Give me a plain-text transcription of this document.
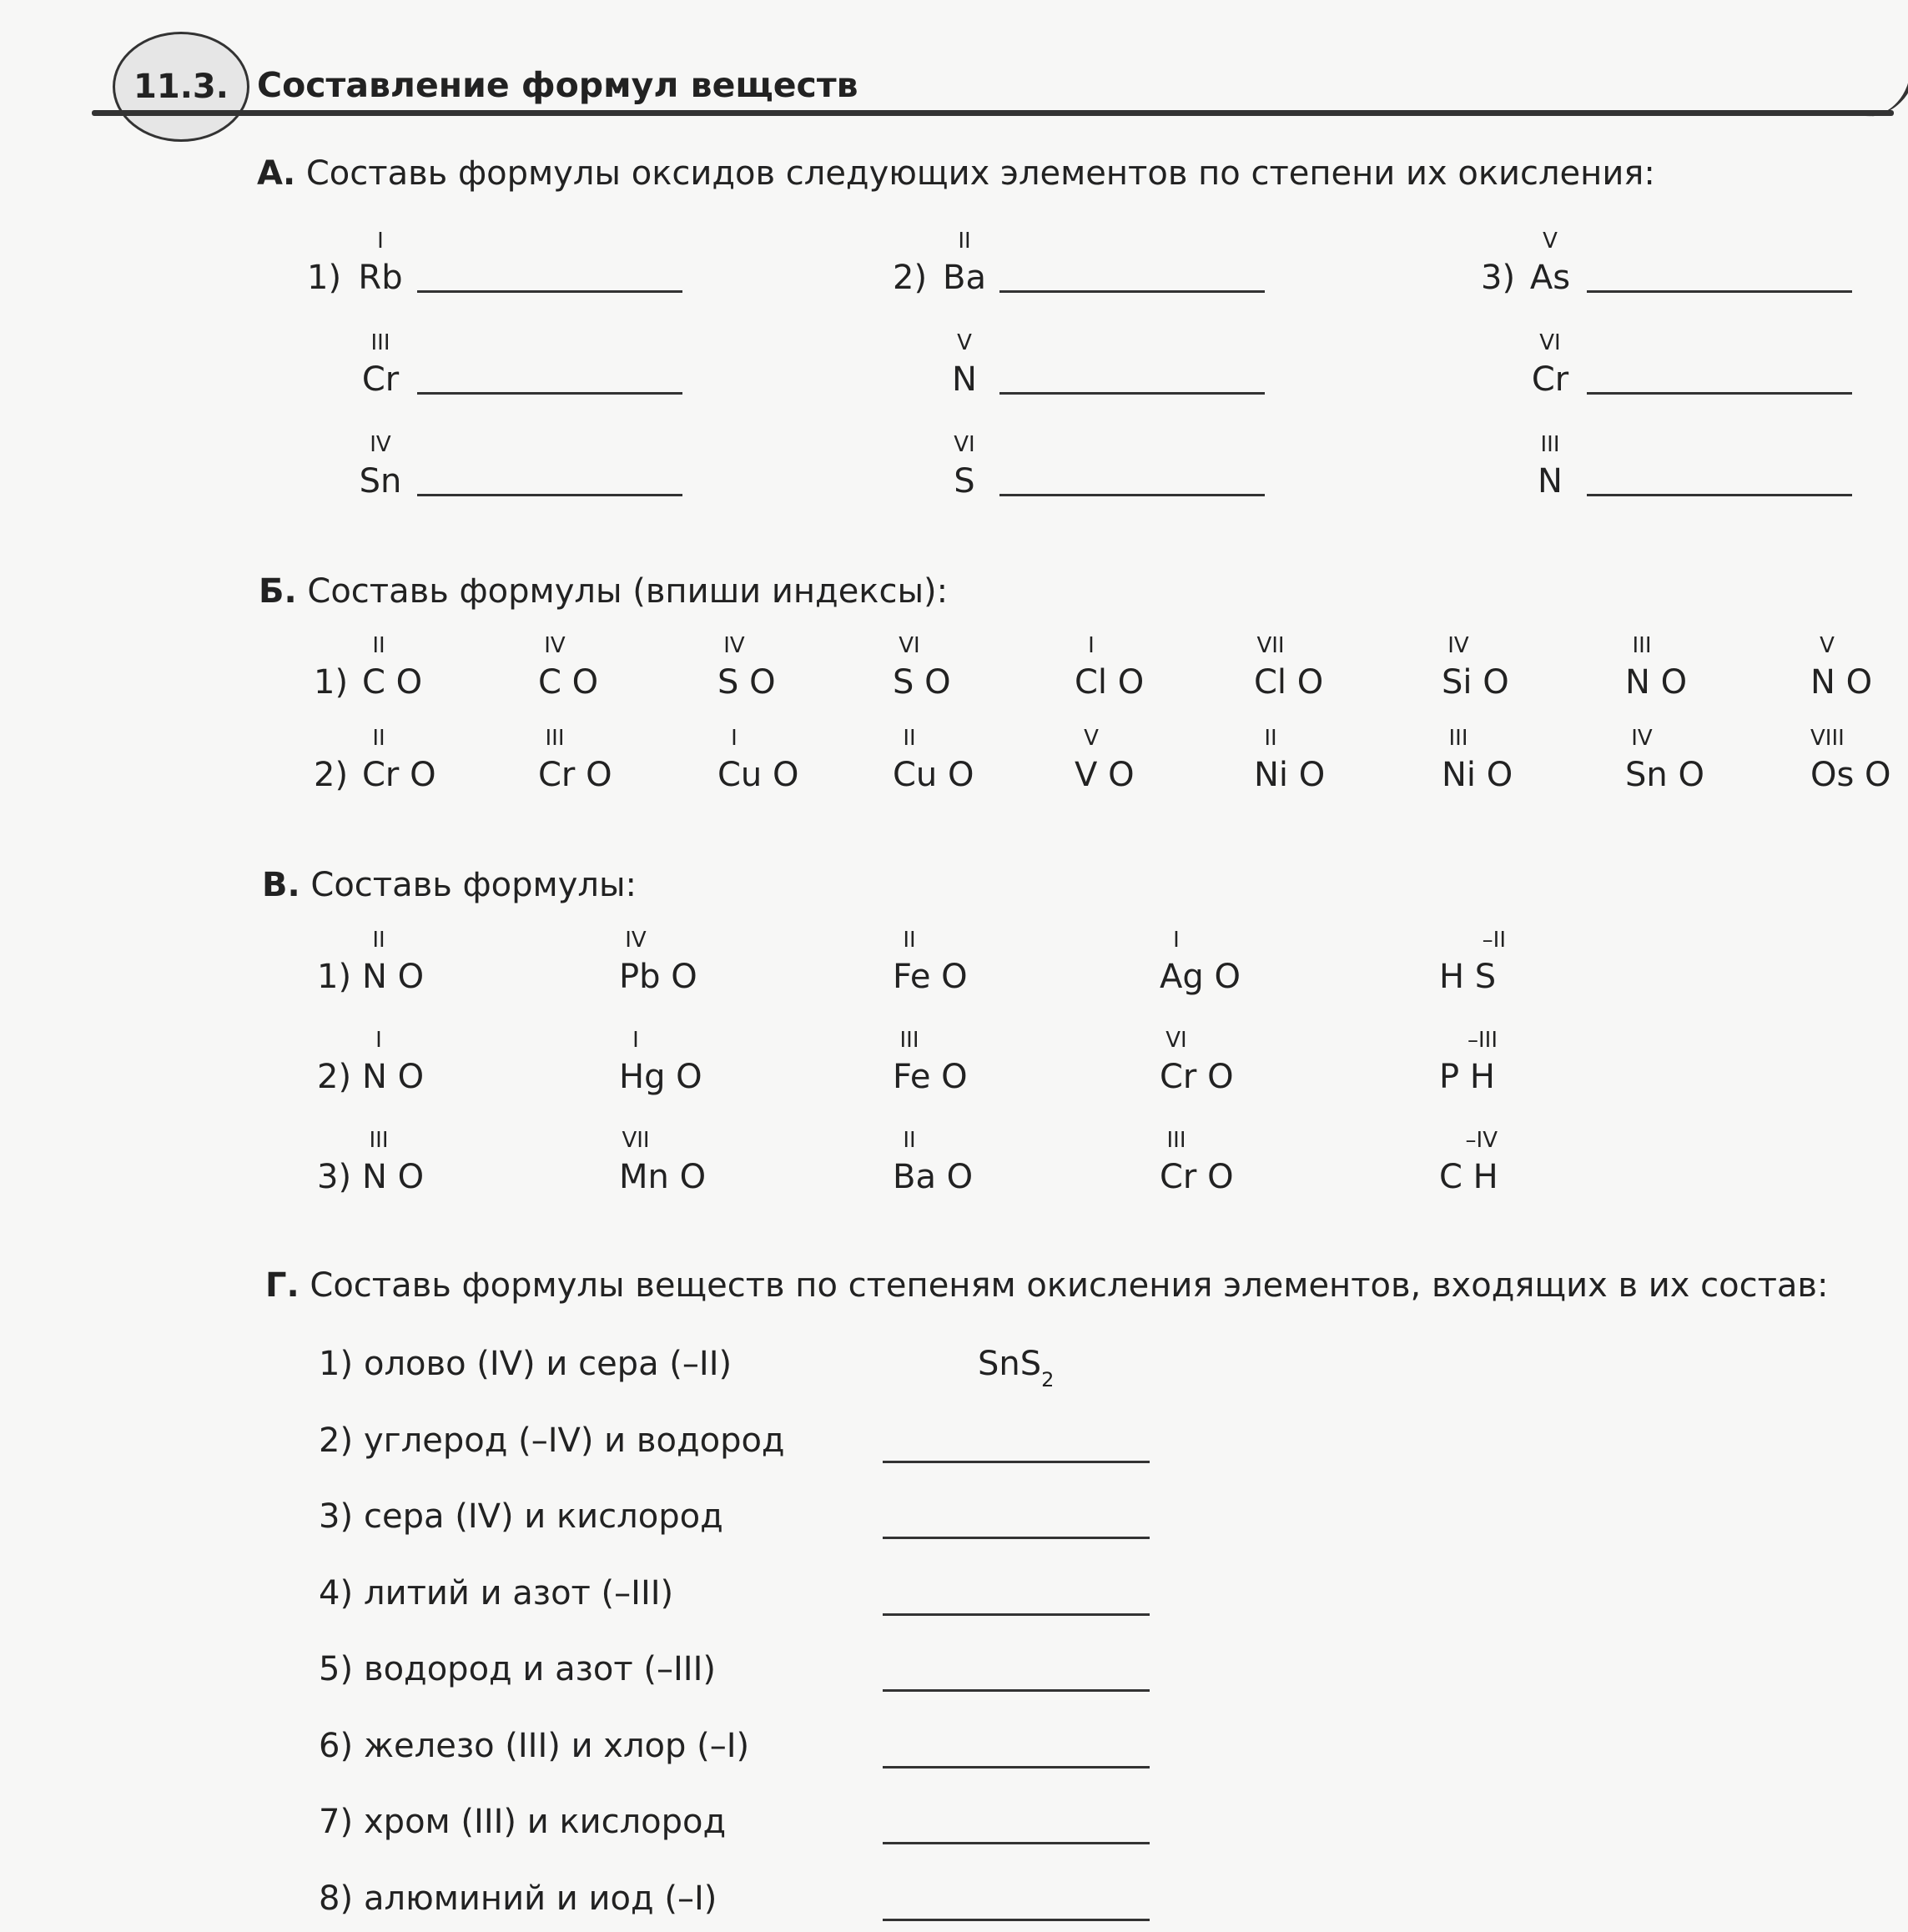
11.3. Составление формул веществ
А. Составь формулы оксидов следующих элементов по степени их окисления:
1)	2)	3)
I
Rb
II
Ba
V
As
III
Cr
V
N
VI
Cr
IV
Sn
VI
S
III
N
Б. Составь формулы (впиши индексы):
1)
II
C O
IV
C O
IV
S O
VI
S O
I
Cl O
VII
Cl O
IV
Si O
III
N O
V
N O
2)
II
Cr O
III
Cr O
I
Cu O
II
Cu O
V
V O
II
Ni O
III
Ni O
IV
Sn O
VIII
Os O
В. Составь формулы:
1)
II
N O
IV
Pb O
II
Fe O
I
Ag O
–II
H S
2)
I
N O
I
Hg O
III
Fe O
VI
Cr O
–III
P H
3)
III
N O
VII
Mn O
II
Ba O
III
Cr O
–IV
C H
Г. Составь формулы веществ по степеням окисления элементов, входящих в их состав:
1) олово (IV) и сера (–II)
2) углерод (–IV) и водород
3) сера (IV) и кислород
4) литий и азот (–III)
5) водород и азот (–III)
6) железо (III) и хлор (–I)
7) хром (III) и кислород
8) алюминий и иод (–I)
SnS$_2$
